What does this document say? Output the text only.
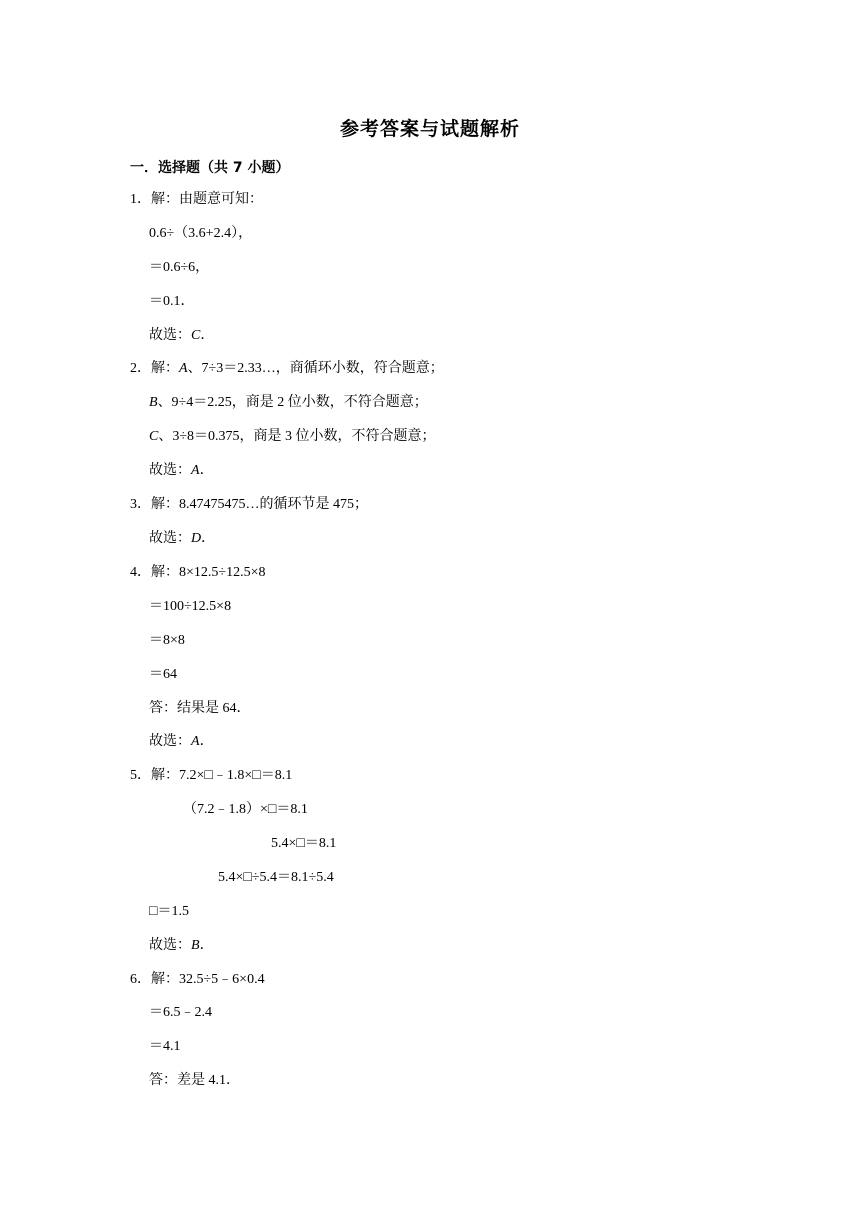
参考答案与试题解析
一．选择题（共 7 小题）
1．解：由题意可知：
0.6÷（3.6+2.4），
＝0.6÷6，
＝0.1．
故选：C．
2．解：A、7÷3＝2.33…，商循环小数，符合题意；
B、9÷4＝2.25，商是 2 位小数，不符合题意；
C、3÷8＝0.375，商是 3 位小数，不符合题意；
故选：A．
3．解：8.47475475…的循环节是 475；
故选：D．
4．解：8×12.5÷12.5×8
＝100÷12.5×8
＝8×8
＝64
答：结果是 64．
故选：A．
5．解：7.2×□﹣1.8×□＝8.1
（7.2﹣1.8）×□＝8.1
5.4×□＝8.1
5.4×□÷5.4＝8.1÷5.4
□＝1.5
故选：B．
6．解：32.5÷5﹣6×0.4
＝6.5﹣2.4
＝4.1
答：差是 4.1．
